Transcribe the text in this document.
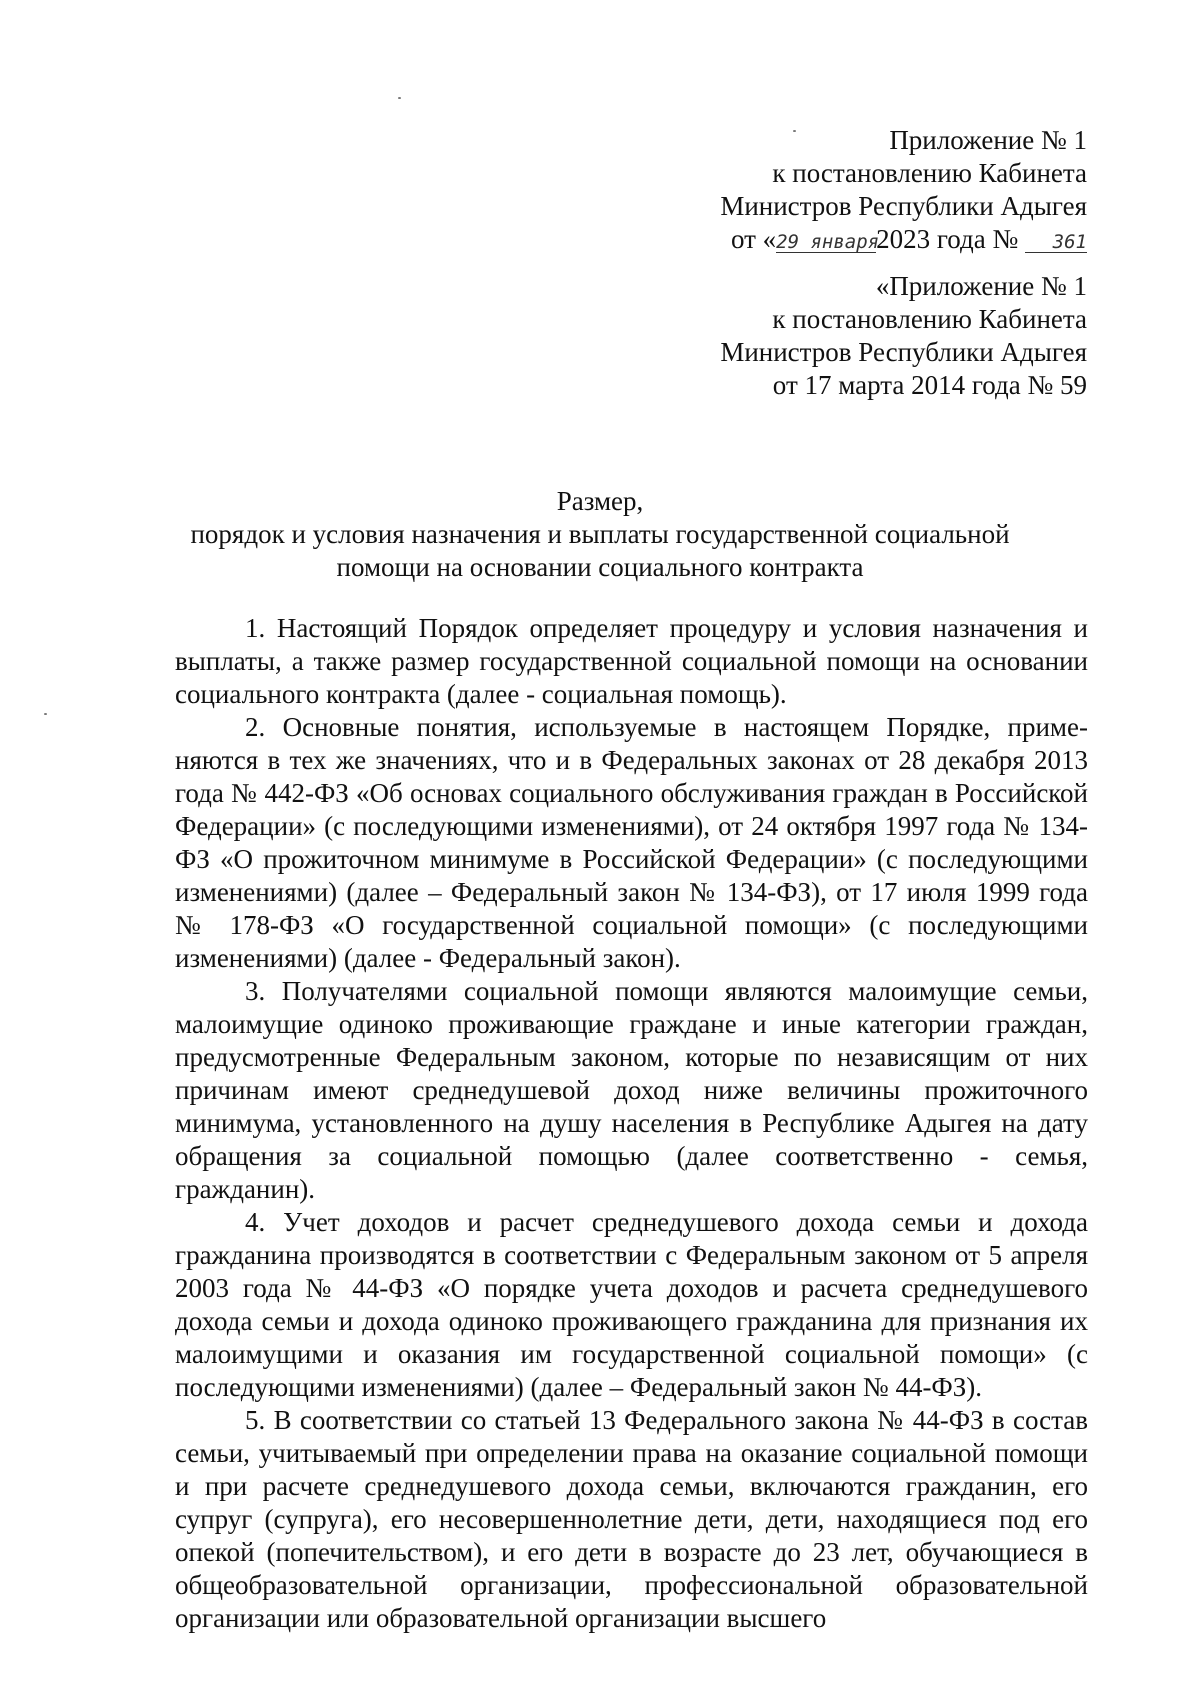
Приложение № 1
к постановлению Кабинета
Министров Республики Адыгея
от «29 января2023 года № 361
«Приложение № 1
к постановлению Кабинета
Министров Республики Адыгея
от 17 марта 2014 года № 59
Размер,
порядок и условия назначения и выплаты государственной социальной
помощи на основании социального контракта

1. Настоящий Порядок определяет процедуру и условия назначения и выплаты, а также размер государственной социальной помощи на основании социального контракта (далее - социальная помощь).

2. Основные понятия, используемые в настоящем Порядке, применяются в тех же значениях, что и в Федеральных законах от 28 декабря 2013 года № 442-ФЗ «Об основах социального обслуживания граждан в Российской Федерации» (с последующими изменениями), от 24 октября 1997 года № 134-ФЗ «О прожиточном минимуме в Российской Федерации» (с последующими изменениями) (далее – Федеральный закон № 134-ФЗ), от 17 июля 1999 года № 178-ФЗ «О государственной социальной помощи» (с последующими изменениями) (далее - Федеральный закон).

3. Получателями социальной помощи являются малоимущие семьи, малоимущие одиноко проживающие граждане и иные категории граждан, предусмотренные Федеральным законом, которые по независящим от них причинам имеют среднедушевой доход ниже величины прожиточного минимума, установленного на душу населения в Республике Адыгея на дату обращения за социальной помощью (далее соответственно - семья, гражданин).

4. Учет доходов и расчет среднедушевого дохода семьи и дохода гражданина производятся в соответствии с Федеральным законом от 5 апреля 2003 года № 44-ФЗ «О порядке учета доходов и расчета среднедушевого дохода семьи и дохода одиноко проживающего гражданина для признания их малоимущими и оказания им государственной социальной помощи» (с последующими изменениями) (далее – Федеральный закон № 44-ФЗ).

5. В соответствии со статьей 13 Федерального закона № 44-ФЗ в состав семьи, учитываемый при определении права на оказание социальной помощи и при расчете среднедушевого дохода семьи, включаются гражданин, его супруг (супруга), его несовершеннолетние дети, дети, находящиеся под его опекой (попечительством), и его дети в возрасте до 23 лет, обучающиеся в общеобразовательной организации, профессиональной образовательной организации или образовательной организации высшего
